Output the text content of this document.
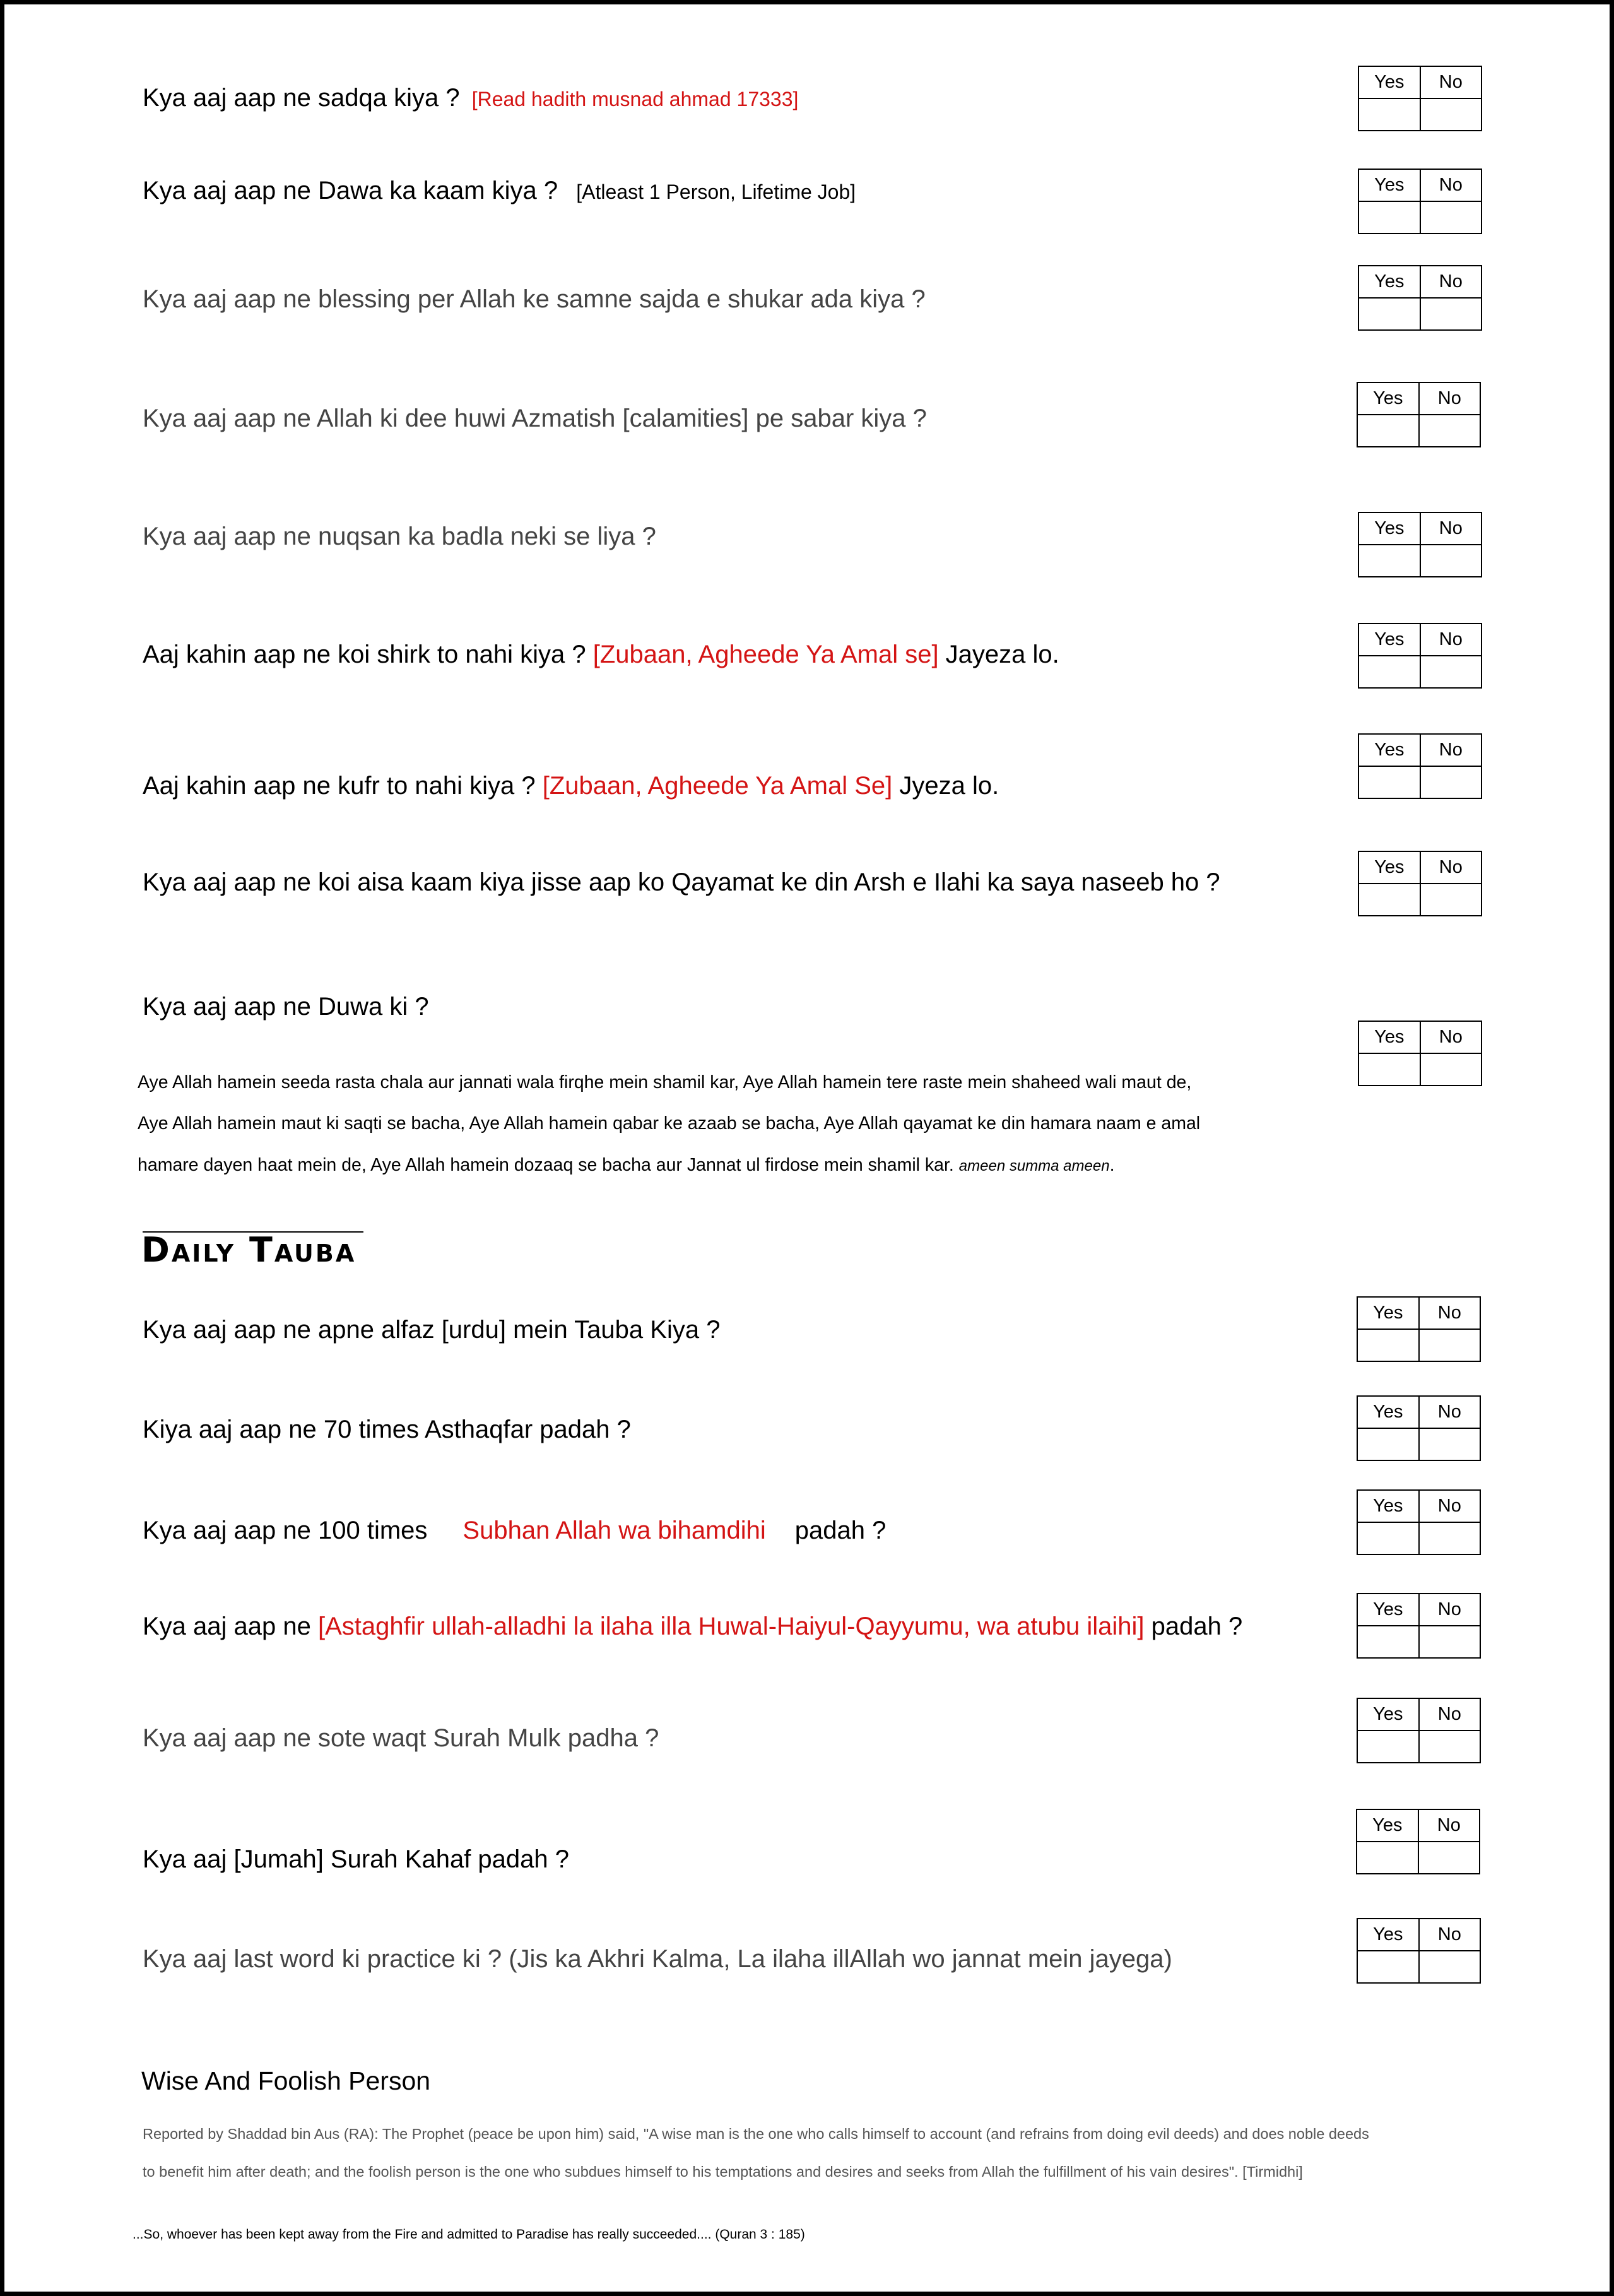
Kya aaj aap ne sadqa kiya ? [Read hadith musnad ahmad 17333]
Yes	No

Kya aaj aap ne Dawa ka kaam kiya ? [Atleast 1 Person, Lifetime Job]	Yes	No

Kya aaj aap ne blessing per Allah ke samne sajda e shukar ada kiya ?
Yes	No

Kya aaj aap ne Allah ki dee huwi Azmatish [calamities] pe sabar kiya ?
Yes	No

Kya aaj aap ne nuqsan ka badla neki se liya ?	Yes	No

Aaj kahin aap ne koi shirk to nahi kiya ? [Zubaan, Agheede Ya Amal se] Jayeza lo.
Yes	No

Aaj kahin aap ne kufr to nahi kiya ? [Zubaan, Agheede Ya Amal Se] Jyeza lo.
Yes	No

Kya aaj aap ne koi aisa kaam kiya jisse aap ko Qayamat ke din Arsh e Ilahi ka saya naseeb ho ?
Yes	No

Kya aaj aap ne Duwa ki ?
Yes	No

Aye Allah hamein seeda rasta chala aur jannati wala firqhe mein shamil kar, Aye Allah hamein tere raste mein shaheed wali maut de,
Aye Allah hamein maut ki saqti se bacha, Aye Allah hamein qabar ke azaab se bacha, Aye Allah qayamat ke din hamara naam e amal
hamare dayen haat mein de, Aye Allah hamein dozaaq se bacha aur Jannat ul firdose mein shamil kar. ameen summa ameen.
Daily Tauba
Kya aaj aap ne apne alfaz [urdu] mein Tauba Kiya ?
Yes	No

Kiya aaj aap ne 70 times Asthaqfar padah ?
Yes	No

Kya aaj aap ne 100 times Subhan Allah wa bihamdihi padah ?
Yes	No

Kya aaj aap ne [Astaghfir ullah-alladhi la ilaha illa Huwal-Haiyul-Qayyumu, wa atubu ilaihi] padah ?
Yes	No

Kya aaj aap ne sote waqt Surah Mulk padha ?
Yes	No

Kya aaj [Jumah] Surah Kahaf padah ?
Yes	No

Kya aaj last word ki practice ki ? (Jis ka Akhri Kalma, La ilaha illAllah wo jannat mein jayega)
Yes	No

Wise And Foolish Person
Reported by Shaddad bin Aus (RA): The Prophet (peace be upon him) said, "A wise man is the one who calls himself to account (and refrains from doing evil deeds) and does noble deeds
to benefit him after death; and the foolish person is the one who subdues himself to his temptations and desires and seeks from Allah the fulfillment of his vain desires". [Tirmidhi]
...So, whoever has been kept away from the Fire and admitted to Paradise has really succeeded.... (Quran 3 : 185)
